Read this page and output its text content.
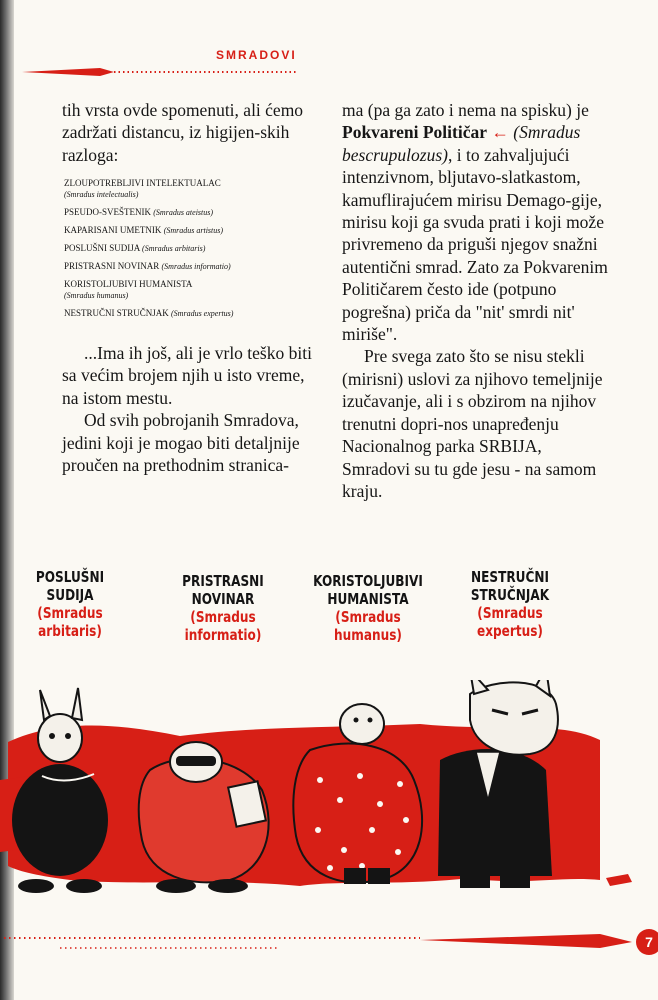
SMRADOVI

tih vrsta ovde spomenuti, ali ćemo zadržati distancu, iz higijen-skih razloga:

ZLOUPOTREBLJIVI INTELEKTUALAC
(Smradus intelectualis)
PSEUDO-SVEŠTENIK (Smradus ateistus)
KAPARISANI UMETNIK (Smradus artistus)
POSLUŠNI SUDIJA (Smradus arbitaris)
PRISTRASNI NOVINAR (Smradus informatio)
KORISTOLJUBIVI HUMANISTA
(Smradus humanus)
NESTRUČNI STRUČNJAK (Smradus expertus)

...Ima ih još, ali je vrlo teško biti sa većim brojem njih u isto vreme, na istom mestu.

Od svih pobrojanih Smradova, jedini koji je mogao biti detaljnije proučen na prethodnim stranica-

ma (pa ga zato i nema na spisku) je Pokvareni Političar ← (Smradus bescrupulozus), i to zahvaljujući intenzivnom, bljutavo-slatkastom, kamuflirajućem mirisu Demago-gije, mirisu koji ga svuda prati i koji može privremeno da priguši njegov snažni autentični smrad. Zato za Pokvarenim Političarem često ide (potpuno pogrešna) priča da "nit' smrdi nit' miriše".

Pre svega zato što se nisu stekli (mirisni) uslovi za njihovo temeljnije izučavanje, ali i s obzirom na njihov trenutni dopri-nos unapređenju Nacionalnog parka SRBIJA, Smradovi su tu gde jesu - na samom kraju.

POSLUŠNI SUDIJA
(Smradus arbitaris)
PRISTRASNI NOVINAR
(Smradus informatio)
KORISTOLJUBIVI HUMANISTA
(Smradus humanus)
NESTRUČNI STRUČNJAK
(Smradus expertus)
7
